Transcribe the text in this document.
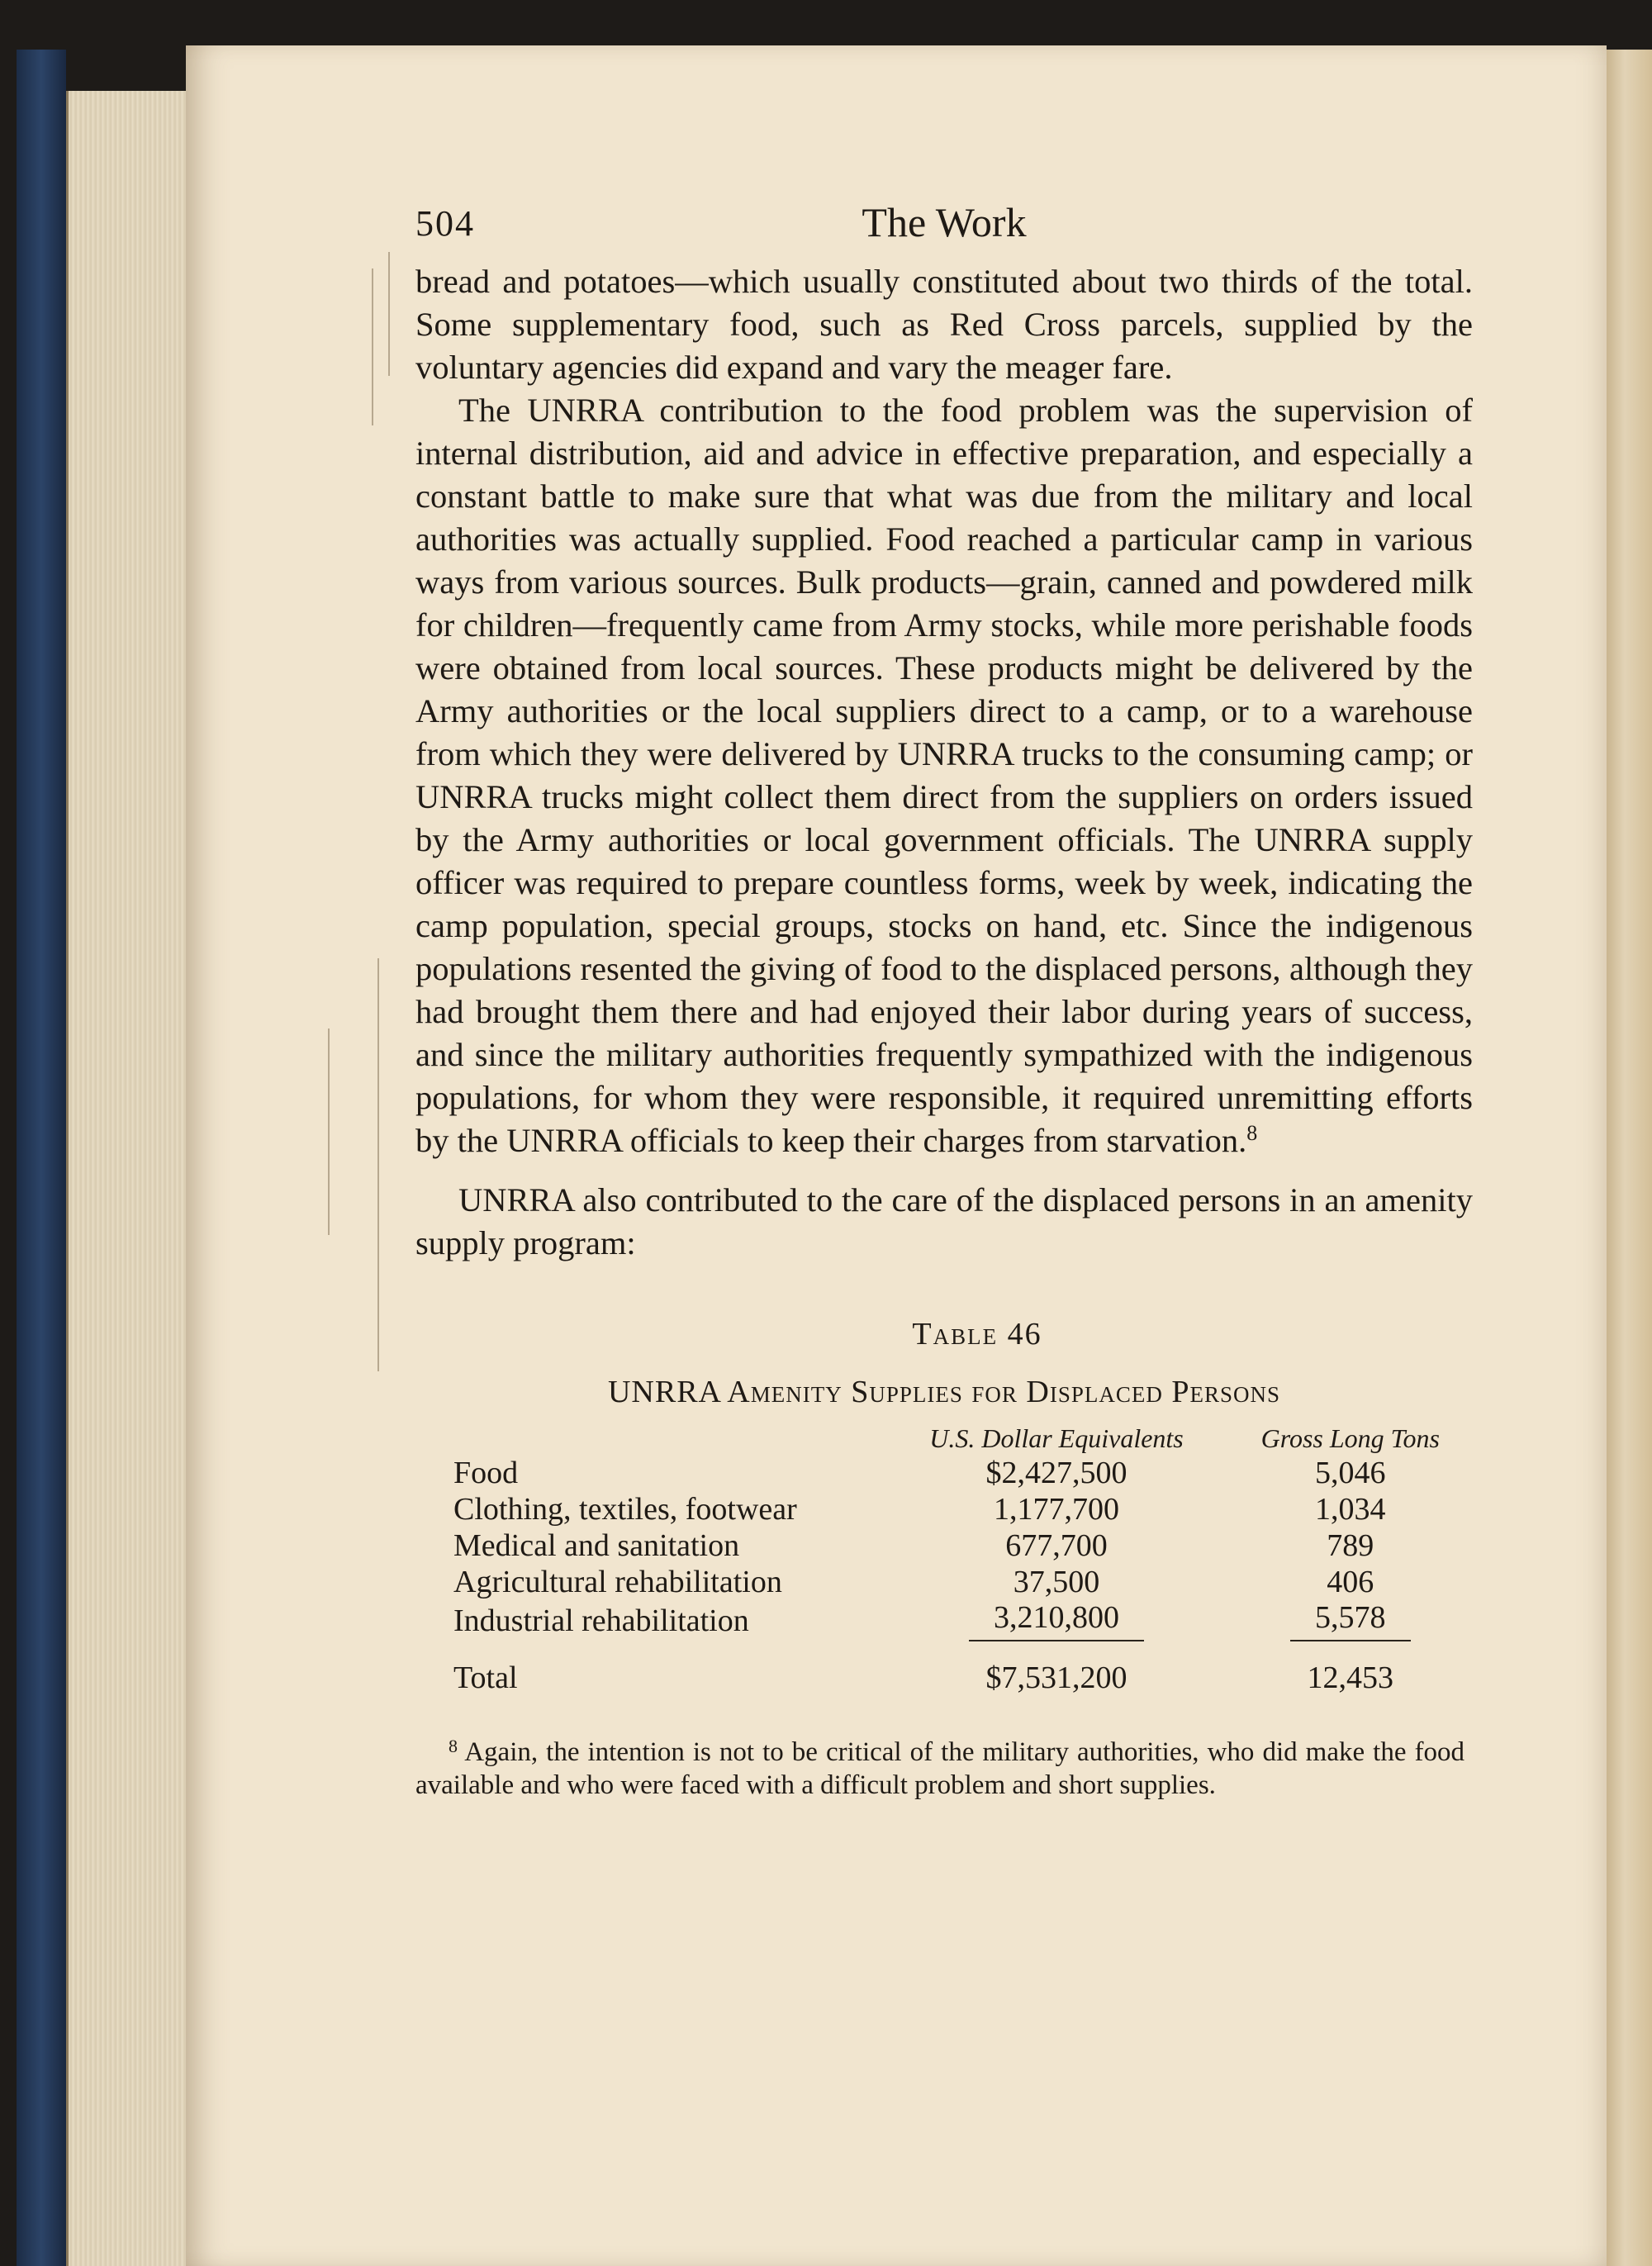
504	The Work

bread and potatoes—which usually constituted about two thirds of the total. Some supplementary food, such as Red Cross parcels, supplied by the voluntary agencies did expand and vary the meager fare.

The UNRRA contribution to the food problem was the supervision of internal distribution, aid and advice in effective preparation, and especially a constant battle to make sure that what was due from the military and local authorities was actually supplied. Food reached a particular camp in various ways from various sources. Bulk products—grain, canned and powdered milk for children—frequently came from Army stocks, while more perishable foods were obtained from local sources. These products might be delivered by the Army authorities or the local suppliers direct to a camp, or to a warehouse from which they were delivered by UNRRA trucks to the consuming camp; or UNRRA trucks might collect them direct from the suppliers on orders issued by the Army authorities or local government officials. The UNRRA supply officer was required to prepare countless forms, week by week, indicating the camp population, special groups, stocks on hand, etc. Since the indigenous populations resented the giving of food to the displaced persons, although they had brought them there and had enjoyed their labor during years of success, and since the military authorities frequently sympathized with the indigenous populations, for whom they were responsible, it required unremitting efforts by the UNRRA officials to keep their charges from starvation.$^8$

UNRRA also contributed to the care of the displaced persons in an amenity supply program:

Table 46
UNRRA Amenity Supplies for Displaced Persons
	U.S. Dollar Equivalents	Gross Long Tons
Food	$2,427,500	5,046
Clothing, textiles, footwear	1,177,700	1,034
Medical and sanitation	677,700	789
Agricultural rehabilitation	37,500	406
Industrial rehabilitation	3,210,800	5,578
Total	$7,531,200	12,453
$^8$ Again, the intention is not to be critical of the military authorities, who did make the food available and who were faced with a difficult problem and short supplies.
